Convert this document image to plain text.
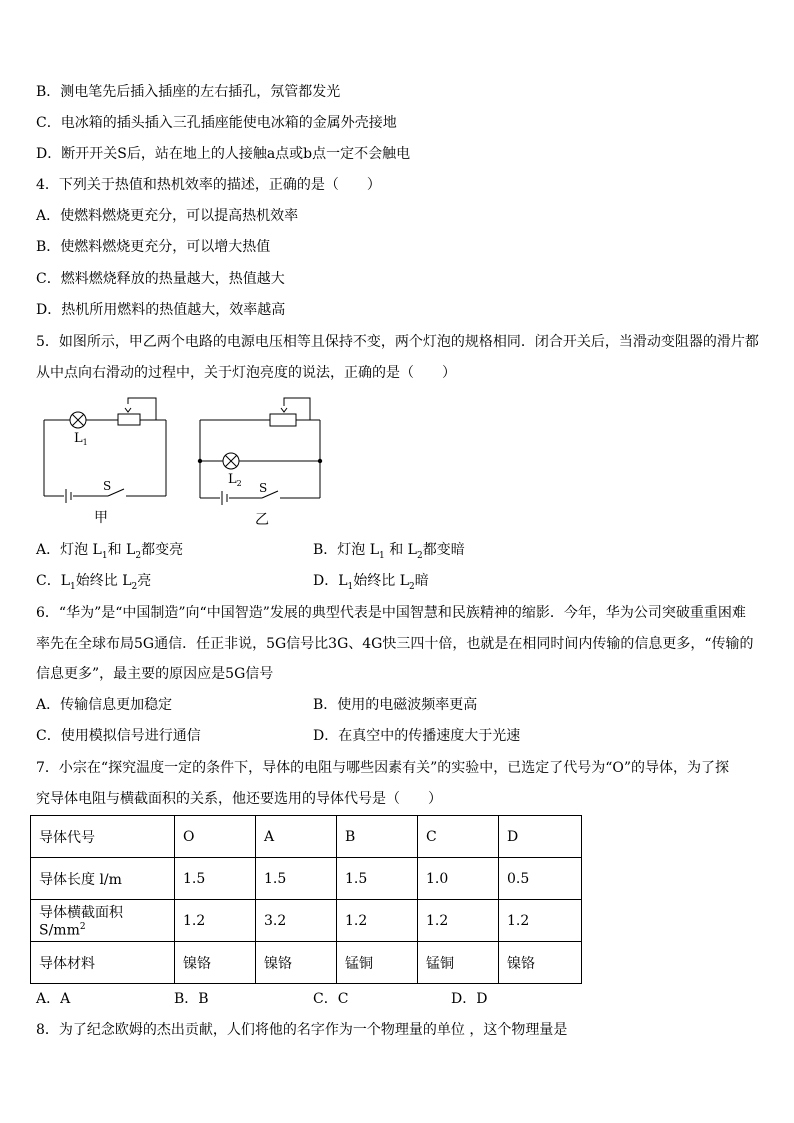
B．测电笔先后插入插座的左右插孔，氖管都发光
C．电冰箱的插头插入三孔插座能使电冰箱的金属外壳接地
D．断开开关S后，站在地上的人接触a点或b点一定不会触电
4．下列关于热值和热机效率的描述，正确的是（　　）
A．使燃料燃烧更充分，可以提高热机效率
B．使燃料燃烧更充分，可以增大热值
C．燃料燃烧释放的热量越大，热值越大
D．热机所用燃料的热值越大，效率越高
5．如图所示，甲乙两个电路的电源电压相等且保持不变，两个灯泡的规格相同．闭合开关后，当滑动变阻器的滑片都
从中点向右滑动的过程中，关于灯泡亮度的说法，正确的是（　　）
$L_1$
S
甲
$L_2$ S
乙
A．灯泡 $L_1$和 $L_2$都变亮	B．灯泡 $L_1$ 和 $L_2$都变暗
C．$L_1$始终比 $L_2$亮	D．$L_1$始终比 $L_2$暗
6．“华为”是“中国制造”向“中国智造”发展的典型代表是中国智慧和民族精神的缩影．今年，华为公司突破重重困难
率先在全球布局5G通信．任正非说，5G信号比3G、4G快三四十倍，也就是在相同时间内传输的信息更多，“传输的
信息更多”，最主要的原因应是5G信号
A．传输信息更加稳定	B．使用的电磁波频率更高
C．使用模拟信号进行通信	D．在真空中的传播速度大于光速
7．小宗在“探究温度一定的条件下，导体的电阻与哪些因素有关”的实验中，已选定了代号为“O”的导体，为了探
究导体电阻与横截面积的关系，他还要选用的导体代号是（　　）
导体代号	O	A	B	C	D
导体长度 l/m	1.5	1.5	1.5	1.0	0.5
导体横截面积 $S/mm^2$	1.2	3.2	1.2	1.2	1.2
导体材料	镍铬	镍铬	锰铜	锰铜	镍铬
A．A	B．B	C．C	D．D
8．为了纪念欧姆的杰出贡献，人们将他的名字作为一个物理量的单位 ，这个物理量是
